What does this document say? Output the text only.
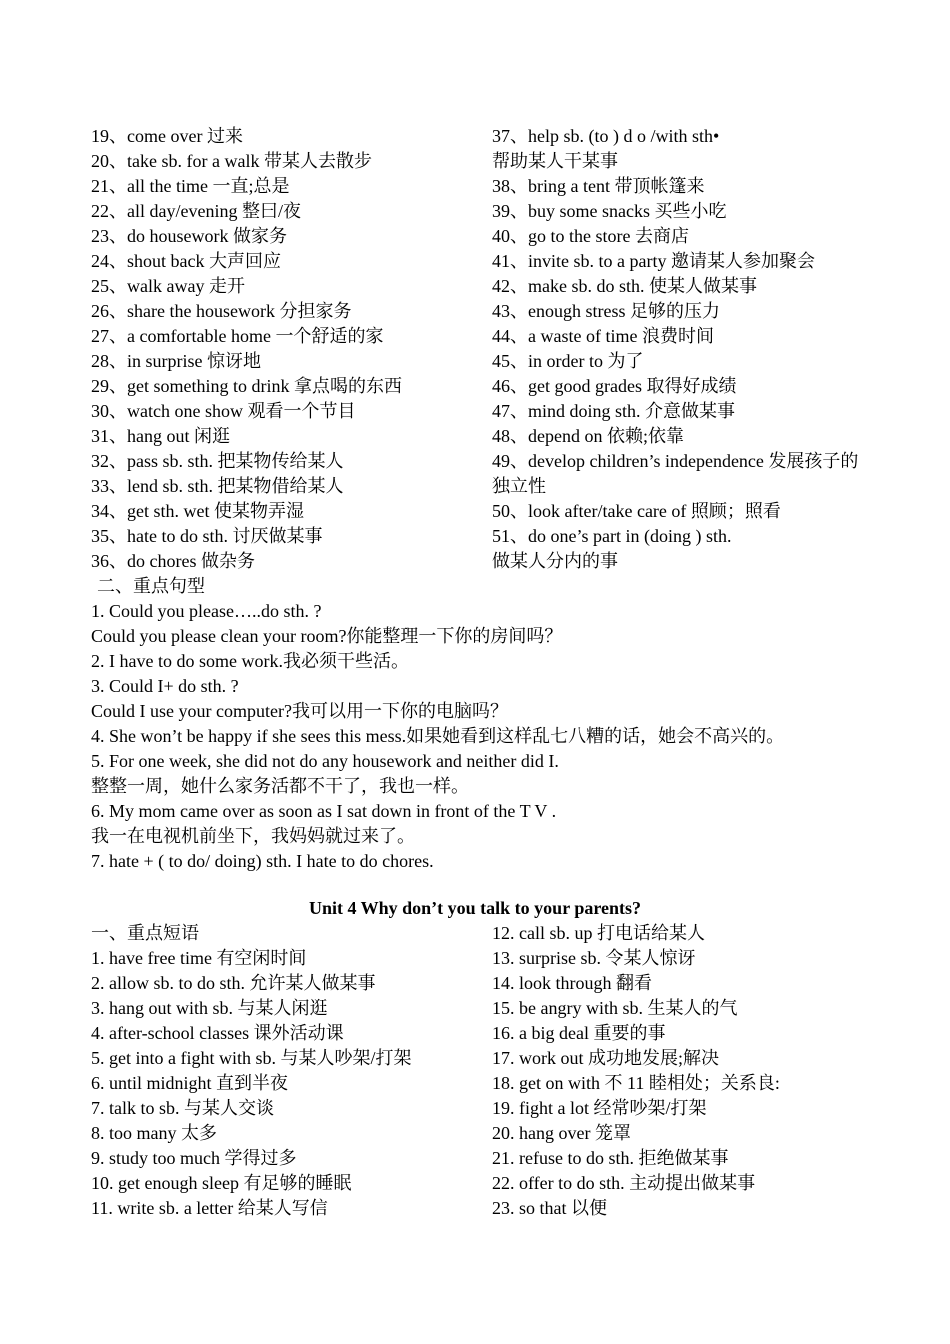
19、come over 过来
20、take sb. for a walk 带某人去散步
21、all the time 一直;总是
22、all day/evening 整曰/夜
23、do housework 做家务
24、shout back 大声回应
25、walk away 走开
26、share the housework 分担家务
27、a comfortable home 一个舒适的家
28、in surprise 惊讶地
29、get something to drink 拿点喝的东西
30、watch one show 观看一个节目
31、hang out 闲逛
32、pass sb. sth. 把某物传给某人
33、lend sb. sth. 把某物借给某人
34、get sth. wet 使某物弄湿
35、hate to do sth. 讨厌做某事
36、do chores 做杂务
37、help sb. (to ) d o /with sth•
帮助某人干某事
38、bring a tent 带顶帐篷来
39、buy some snacks 买些小吃
40、go to the store 去商店
41、invite sb. to a party 邀请某人参加聚会
42、make sb. do sth. 使某人做某事
43、enough stress 足够的压力
44、a waste of time 浪费时间
45、in order to 为了
46、get good grades 取得好成绩
47、mind doing sth. 介意做某事
48、depend on 依赖;依靠
49、develop children’s independence 发展孩子的
独立性
50、look after/take care of 照顾；照看
51、do one’s part in (doing ) sth.
做某人分内的事
二、重点句型
1. Could you please…..do sth. ?
Could you please clean your room?你能整理一下你的房间吗？
2. I have to do some work.我必须干些活。
3. Could I+ do sth. ?
Could I use your computer?我可以用一下你的电脑吗？
4. She won’t be happy if she sees this mess.如果她看到这样乱七八糟的话，她会不高兴的。
5. For one week, she did not do any housework and neither did I.
整整一周，她什么家务活都不干了，我也一样。
6. My mom came over as soon as I sat down in front of the T V .
我一在电视机前坐下，我妈妈就过来了。
7. hate + ( to do/ doing) sth. I hate to do chores.
Unit 4 Why don’t you talk to your parents?
一、重点短语
1. have free time 有空闲时间
2. allow sb. to do sth. 允许某人做某事
3. hang out with sb. 与某人闲逛
4. after-school classes 课外活动课
5. get into a fight with sb. 与某人吵架/打架
6. until midnight 直到半夜
7. talk to sb. 与某人交谈
8. too many 太多
9. study too much 学得过多
10. get enough sleep 有足够的睡眠
11. write sb. a letter 给某人写信
12. call sb. up 打电话给某人
13. surprise sb. 令某人惊讶
14. look through 翻看
15. be angry with sb. 生某人的气
16. a big deal 重要的事
17. work out 成功地发展;解决
18. get on with 不 11 睦相处；关系良:
19. fight a lot 经常吵架/打架
20. hang over 笼罩
21. refuse to do sth. 拒绝做某事
22. offer to do sth. 主动提出做某事
23. so that 以便
